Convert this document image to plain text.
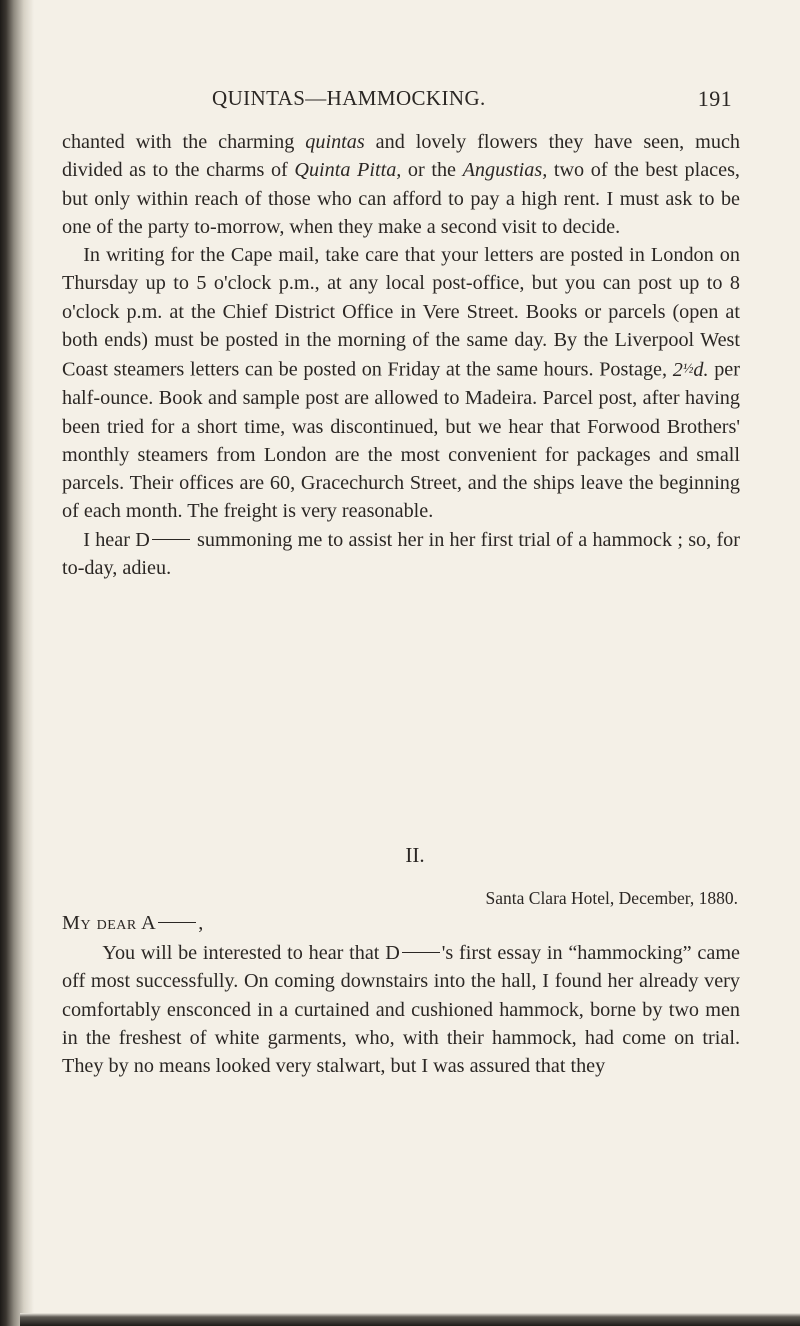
QUINTAS—HAMMOCKING.	191

chanted with the charming quintas and lovely flowers they have seen, much divided as to the charms of Quinta Pitta, or the Angustias, two of the best places, but only within reach of those who can afford to pay a high rent. I must ask to be one of the party to-morrow, when they make a second visit to decide.

In writing for the Cape mail, take care that your letters are posted in London on Thursday up to 5 o'clock p.m., at any local post-office, but you can post up to 8 o'clock p.m. at the Chief District Office in Vere Street. Books or parcels (open at both ends) must be posted in the morning of the same day. By the Liverpool West Coast steamers letters can be posted on Friday at the same hours. Postage, 2½d. per half-ounce. Book and sample post are allowed to Madeira. Parcel post, after having been tried for a short time, was discontinued, but we hear that Forwood Brothers' monthly steamers from London are the most convenient for packages and small parcels. Their offices are 60, Gracechurch Street, and the ships leave the beginning of each month. The freight is very reasonable.

I hear D summoning me to assist her in her first trial of a hammock ; so, for to-day, adieu.

II.
Santa Clara Hotel, December, 1880.
My dear A ,

You will be interested to hear that D 's first essay in “hammocking” came off most successfully. On coming downstairs into the hall, I found her already very comfortably ensconced in a curtained and cushioned hammock, borne by two men in the freshest of white garments, who, with their hammock, had come on trial. They by no means looked very stalwart, but I was assured that they
